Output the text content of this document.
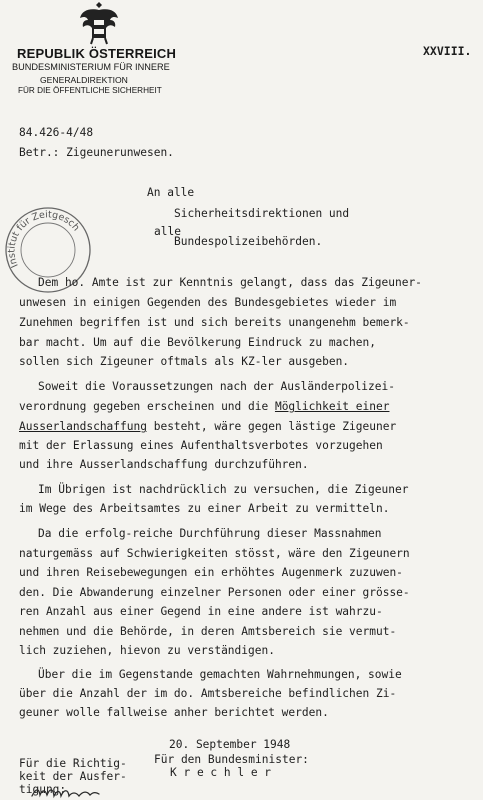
REPUBLIK ÖSTERREICH
BUNDESMINISTERIUM FÜR INNERE
GENERALDIREKTION
FÜR DIE ÖFFENTLICHE SICHERHEIT
XXVIII.
Institut für Zeitgesch
84.426-4/48
Betr.: Zigeunerunwesen.
An alle
Sicherheitsdirektionen und
alle
Bundespolizeibehörden.
Dem ho. Amte ist zur Kenntnis gelangt, dass das Zigeuner-
unwesen in einigen Gegenden des Bundesgebietes wieder im
Zunehmen begriffen ist und sich bereits unangenehm bemerk-
bar macht. Um auf die Bevölkerung Eindruck zu machen,
sollen sich Zigeuner oftmals als KZ-ler ausgeben.
Soweit die Voraussetzungen nach der Ausländerpolizei-
verordnung gegeben erscheinen und die Möglichkeit einer
Ausserlandschaffung besteht, wäre gegen lästige Zigeuner
mit der Erlassung eines Aufenthaltsverbotes vorzugehen
und ihre Ausserlandschaffung durchzuführen.
Im Übrigen ist nachdrücklich zu versuchen, die Zigeuner
im Wege des Arbeitsamtes zu einer Arbeit zu vermitteln.
Da die erfolg-reiche Durchführung dieser Massnahmen
naturgemäss auf Schwierigkeiten stösst, wäre den Zigeunern
und ihren Reisebewegungen ein erhöhtes Augenmerk zuzuwen-
den. Die Abwanderung einzelner Personen oder einer grösse-
ren Anzahl aus einer Gegend in eine andere ist wahrzu-
nehmen und die Behörde, in deren Amtsbereich sie vermut-
lich zuziehen, hievon zu verständigen.
Über die im Gegenstande gemachten Wahrnehmungen, sowie
über die Anzahl der im do. Amtsbereiche befindlichen Zi-
geuner wolle fallweise anher berichtet werden.
20. September 1948
Für den Bundesminister:
K r e c h l e r
Für die Richtig-
keit der Ausfer-
tigung:
